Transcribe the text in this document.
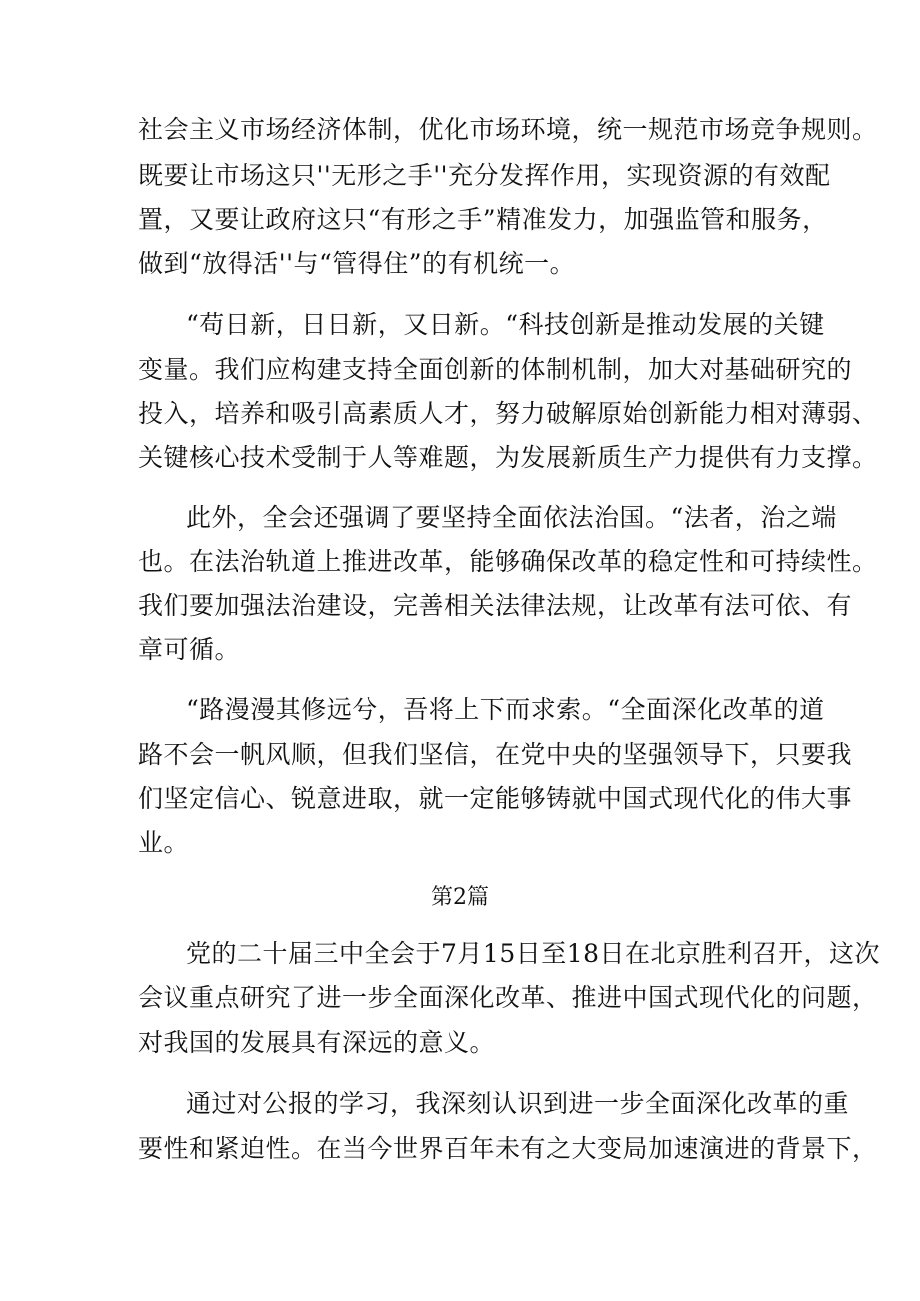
社会主义市场经济体制，优化市场环境，统一规范市场竞争规则。
既要让市场这只''无形之手''充分发挥作用，实现资源的有效配
置，又要让政府这只“有形之手”精准发力，加强监管和服务，
做到“放得活''与“管得住”的有机统一。
“苟日新，日日新，又日新。“科技创新是推动发展的关键
变量。我们应构建支持全面创新的体制机制，加大对基础研究的
投入，培养和吸引高素质人才，努力破解原始创新能力相对薄弱、
关键核心技术受制于人等难题，为发展新质生产力提供有力支撑。
此外，全会还强调了要坚持全面依法治国。“法者，治之端
也。在法治轨道上推进改革，能够确保改革的稳定性和可持续性。
我们要加强法治建设，完善相关法律法规，让改革有法可依、有
章可循。
“路漫漫其修远兮，吾将上下而求索。“全面深化改革的道
路不会一帆风顺，但我们坚信，在党中央的坚强领导下，只要我
们坚定信心、锐意进取，就一定能够铸就中国式现代化的伟大事
业。
第2篇
党的二十届三中全会于7月15日至18日在北京胜利召开，这次
会议重点研究了进一步全面深化改革、推进中国式现代化的问题，
对我国的发展具有深远的意义。
通过对公报的学习，我深刻认识到进一步全面深化改革的重
要性和紧迫性。在当今世界百年未有之大变局加速演进的背景下，
